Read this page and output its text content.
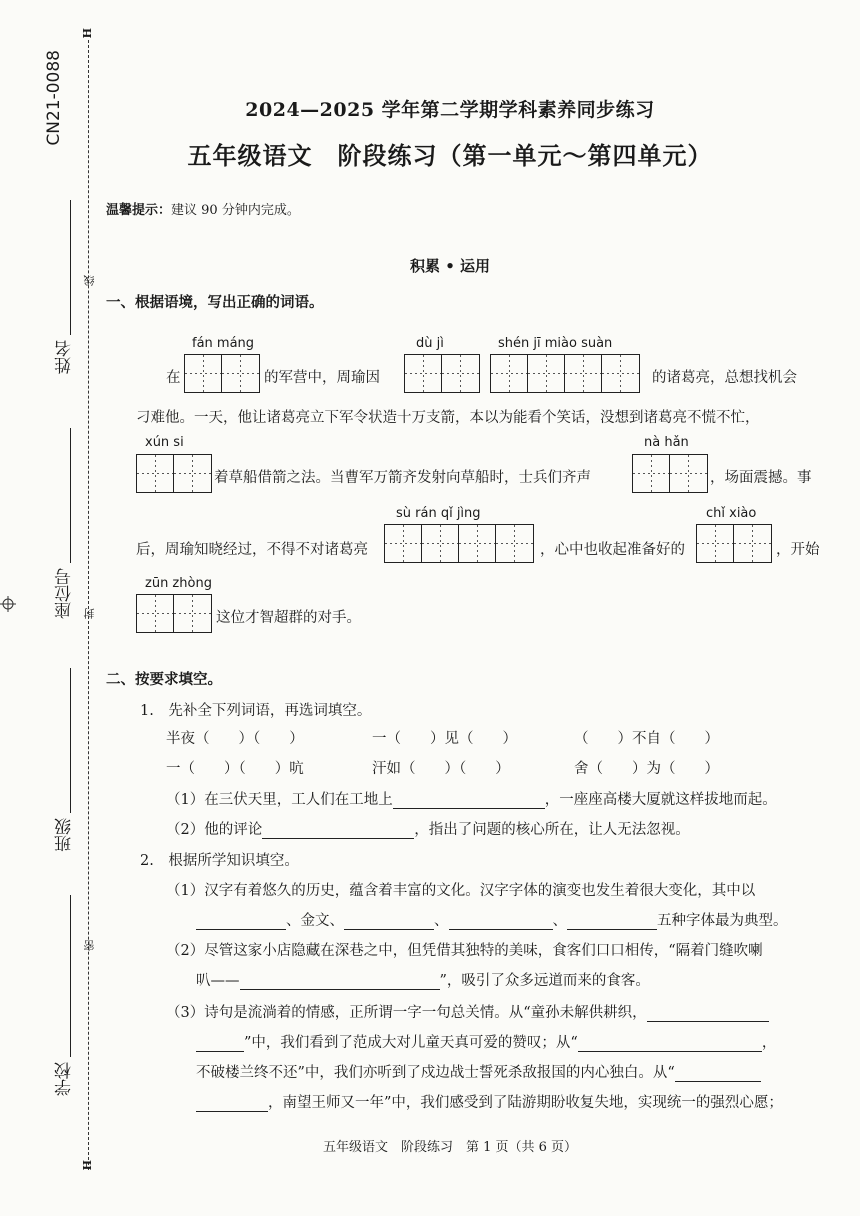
CN21-0088
H
H
线
封
密
姓名
座位号
班级
学校
2024—2025 学年第二学期学科素养同步练习
五年级语文　阶段练习（第一单元～第四单元）
温馨提示：建议 90 分钟内完成。
积累 • 运用
一、根据语境，写出正确的词语。
fán máng	dù jì	shén jī miào suàn
在	的军营中，周瑜因	的诸葛亮，总想找机会
刁难他。一天，他让诸葛亮立下军令状造十万支箭，本以为能看个笑话，没想到诸葛亮不慌不忙，
xún si	nà hǎn
着草船借箭之法。当曹军万箭齐发射向草船时，士兵们齐声	，场面震撼。事
sù rán qǐ jìng	chǐ xiào
后，周瑜知晓经过，不得不对诸葛亮	，心中也收起准备好的	，开始
zūn zhòng
这位才智超群的对手。
二、按要求填空。
1.　先补全下列词语，再选词填空。
半夜（　　）（　　）	一（　　）见（　　）	（　　）不自（　　）
一（　　）（　　）吭	汗如（　　）（　　）	舍（　　）为（　　）
（1）在三伏天里，工人们在工地上	，一座座高楼大厦就这样拔地而起。
（2）他的评论	，指出了问题的核心所在，让人无法忽视。
2.　根据所学知识填空。
（1）汉字有着悠久的历史，蕴含着丰富的文化。汉字字体的演变也发生着很大变化，其中以
、金文、	、	、	五种字体最为典型。
（2）尽管这家小店隐藏在深巷之中，但凭借其独特的美味，食客们口口相传，“隔着门缝吹喇
叭——	”，吸引了众多远道而来的食客。
（3）诗句是流淌着的情感，正所谓一字一句总关情。从“童孙未解供耕织，
”中，我们看到了范成大对儿童天真可爱的赞叹；从“	，
不破楼兰终不还”中，我们亦听到了戍边战士誓死杀敌报国的内心独白。从“
，南望王师又一年”中，我们感受到了陆游期盼收复失地，实现统一的强烈心愿；
五年级语文　阶段练习　第 1 页（共 6 页）
